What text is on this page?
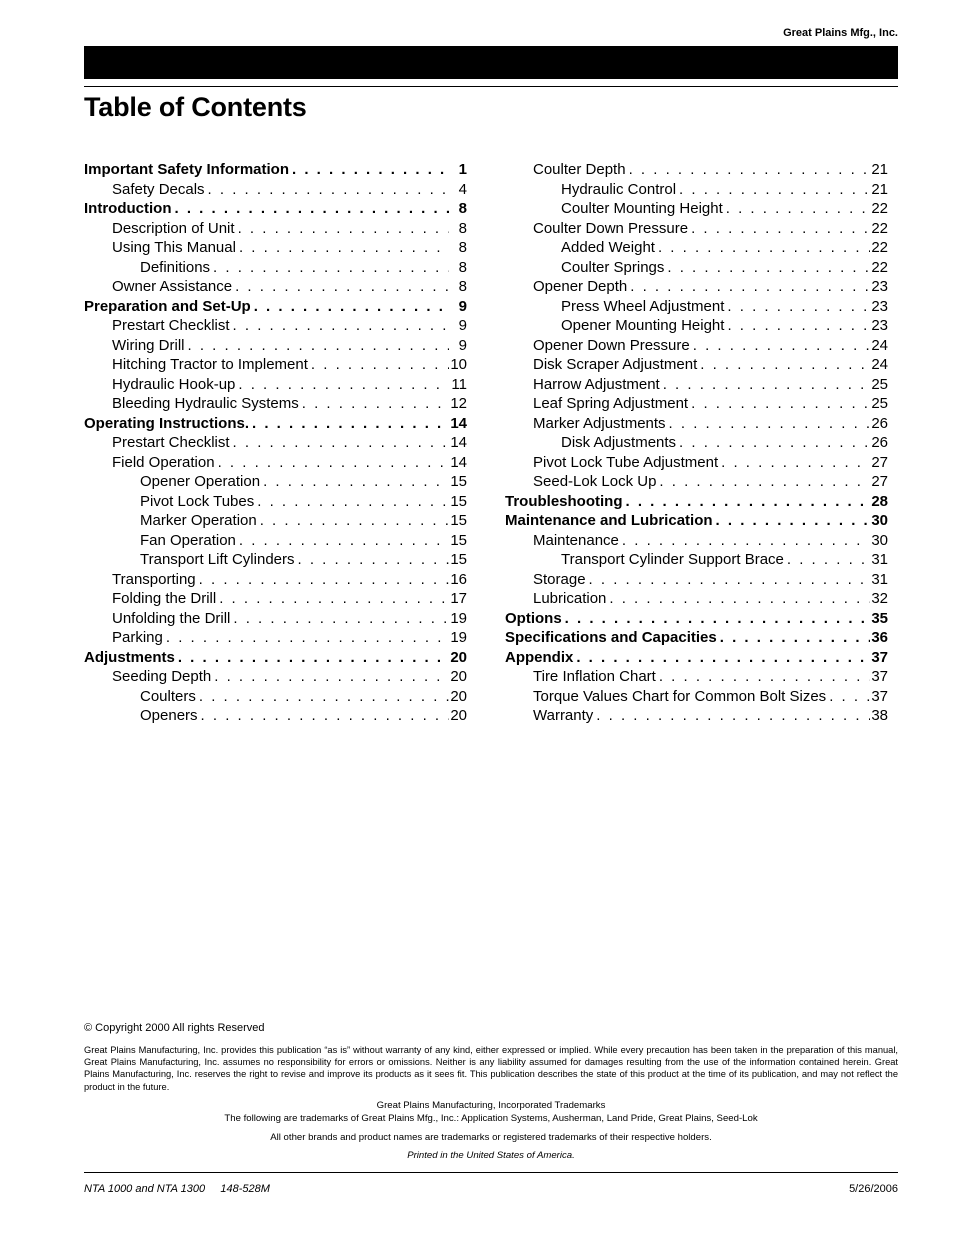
Great Plains Mfg., Inc.
Table of Contents
Important Safety Information . . .	1
Safety Decals . . .	4
Introduction . . .	8
Description of Unit . . .	8
Using This Manual . . .	8
Definitions . . .	8
Owner Assistance . . .	8
Preparation and Set-Up . . .	9
Prestart Checklist . . .	9
Wiring Drill . . .	9
Hitching Tractor to Implement . . .	10
Hydraulic Hook-up . . .	11
Bleeding Hydraulic Systems . . .	12
Operating Instructions. . . .	14
Prestart Checklist . . .	14
Field Operation . . .	14
Opener Operation . . .	15
Pivot Lock Tubes . . .	15
Marker Operation . . .	15
Fan Operation . . .	15
Transport Lift Cylinders . . .	15
Transporting . . .	16
Folding the Drill . . .	17
Unfolding the Drill . . .	19
Parking . . .	19
Adjustments . . .	20
Seeding Depth . . .	20
Coulters . . .	20
Openers . . .	20
Coulter Depth . . .	21
Hydraulic Control . . .	21
Coulter Mounting Height . . .	22
Coulter Down Pressure . . .	22
Added Weight . . .	22
Coulter Springs . . .	22
Opener Depth . . .	23
Press Wheel Adjustment . . .	23
Opener Mounting Height . . .	23
Opener Down Pressure . . .	24
Disk Scraper Adjustment . . .	24
Harrow Adjustment . . .	25
Leaf Spring Adjustment . . .	25
Marker Adjustments . . .	26
Disk Adjustments . . .	26
Pivot Lock Tube Adjustment . . .	27
Seed-Lok Lock Up . . .	27
Troubleshooting . . .	28
Maintenance and Lubrication . . .	30
Maintenance . . .	30
Transport Cylinder Support Brace . . .	31
Storage . . .	31
Lubrication . . .	32
Options . . .	35
Specifications and Capacities . . .	36
Appendix . . .	37
Tire Inflation Chart . . .	37
Torque Values Chart for Common Bolt Sizes . . .	37
Warranty . . .	38
© Copyright 2000 All rights Reserved
Great Plains Manufacturing, Inc. provides this publication “as is” without warranty of any kind, either expressed or implied. While every precaution has been taken in the preparation of this manual, Great Plains Manufacturing, Inc. assumes no responsibility for errors or omissions. Neither is any liability assumed for damages resulting from the use of the information contained herein. Great Plains Manufacturing, Inc. reserves the right to revise and improve its products as it sees fit. This publication describes the state of this product at the time of its publication, and may not reflect the product in the future.
Great Plains Manufacturing, Incorporated Trademarks
The following are trademarks of Great Plains Mfg., Inc.: Application Systems, Ausherman, Land Pride, Great Plains, Seed-Lok
All other brands and product names are trademarks or registered trademarks of their respective holders.
Printed in the United States of America.
NTA 1000 and NTA 1300     148-528M	5/26/2006
